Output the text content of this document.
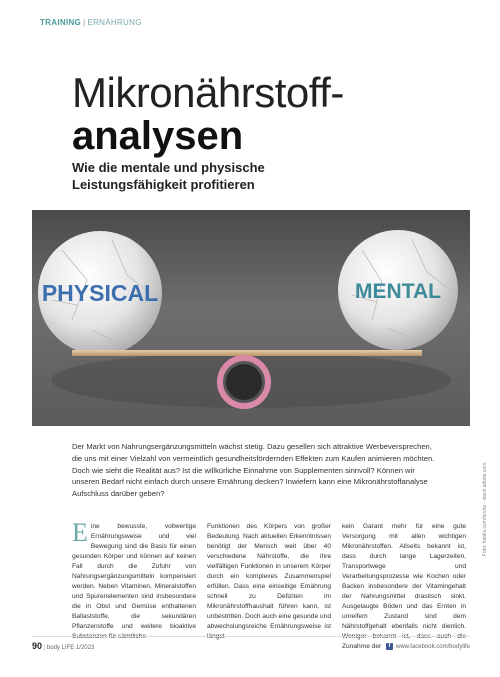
TRAINING | ERNÄHRUNG
Mikronährstoff-
analysen
Wie die mentale und physische Leistungsfähigkeit profitieren
PHYSICAL	MENTAL
Der Markt von Nahrungsergänzungsmitteln wächst stetig. Dazu gesellen sich attraktive Werbeversprechen, die uns mit einer Vielzahl von vermeintlich gesundheitsfördernden Effekten zum Kaufen animieren möchten. Doch wie sieht die Realität aus? Ist die willkürliche Einnahme von Supplementen sinnvoll? Können wir unseren Bedarf nicht einfach durch unsere Ernährung decken? Inwiefern kann eine Mikronährstoffanalyse Aufschluss darüber geben?
Eine bewusste, vollwertige Ernährungsweise und viel Bewegung sind die Basis für einen gesunden Körper und können auf keinen Fall durch die Zufuhr von Nahrungsergänzungsmitteln kompensiert werden. Neben Vitaminen, Mineralstoffen und Spurenelementen sind insbesondere die in Obst und Gemüse enthaltenen Ballaststoffe, die sekundären Pflanzenstoffe und weitere bioaktive
Funktionen des Körpers von großer Bedeutung. Nach aktuellen Erkenntnissen benötigt der Mensch weit über 40 verschiedene Nährstoffe, die ihre vielfältigen Funktionen in unserem Körper durch ein komplexes Zusammenspiel erfüllen. Dass eine einseitige Ernährung schnell zu Defiziten im Mikronährstoffhaushalt führen kann, ist unbestritten. Doch auch eine gesunde und abwechslungsreiche Ernährungsweise ist
kein Garant mehr für eine gute Versorgung mit allen wichtigen Mikronährstoffen. Allseits bekannt ist, dass durch lange Lagerzeiten, Transportwege und Verarbeitungsprozesse wie Kochen oder Backen insbesondere der Vitamingehalt der Nahrungsmittel drastisch sinkt. Ausgelaugte Böden und das Ernten in unreifem Zustand sind dem Nährstoffgehalt ebenfalls nicht dienlich. Zunahme der
Foto: fotolia.com/bruno - stock.adobe.com
90 | body LIFE 1/2023	f www.facebook.com/bodylife
